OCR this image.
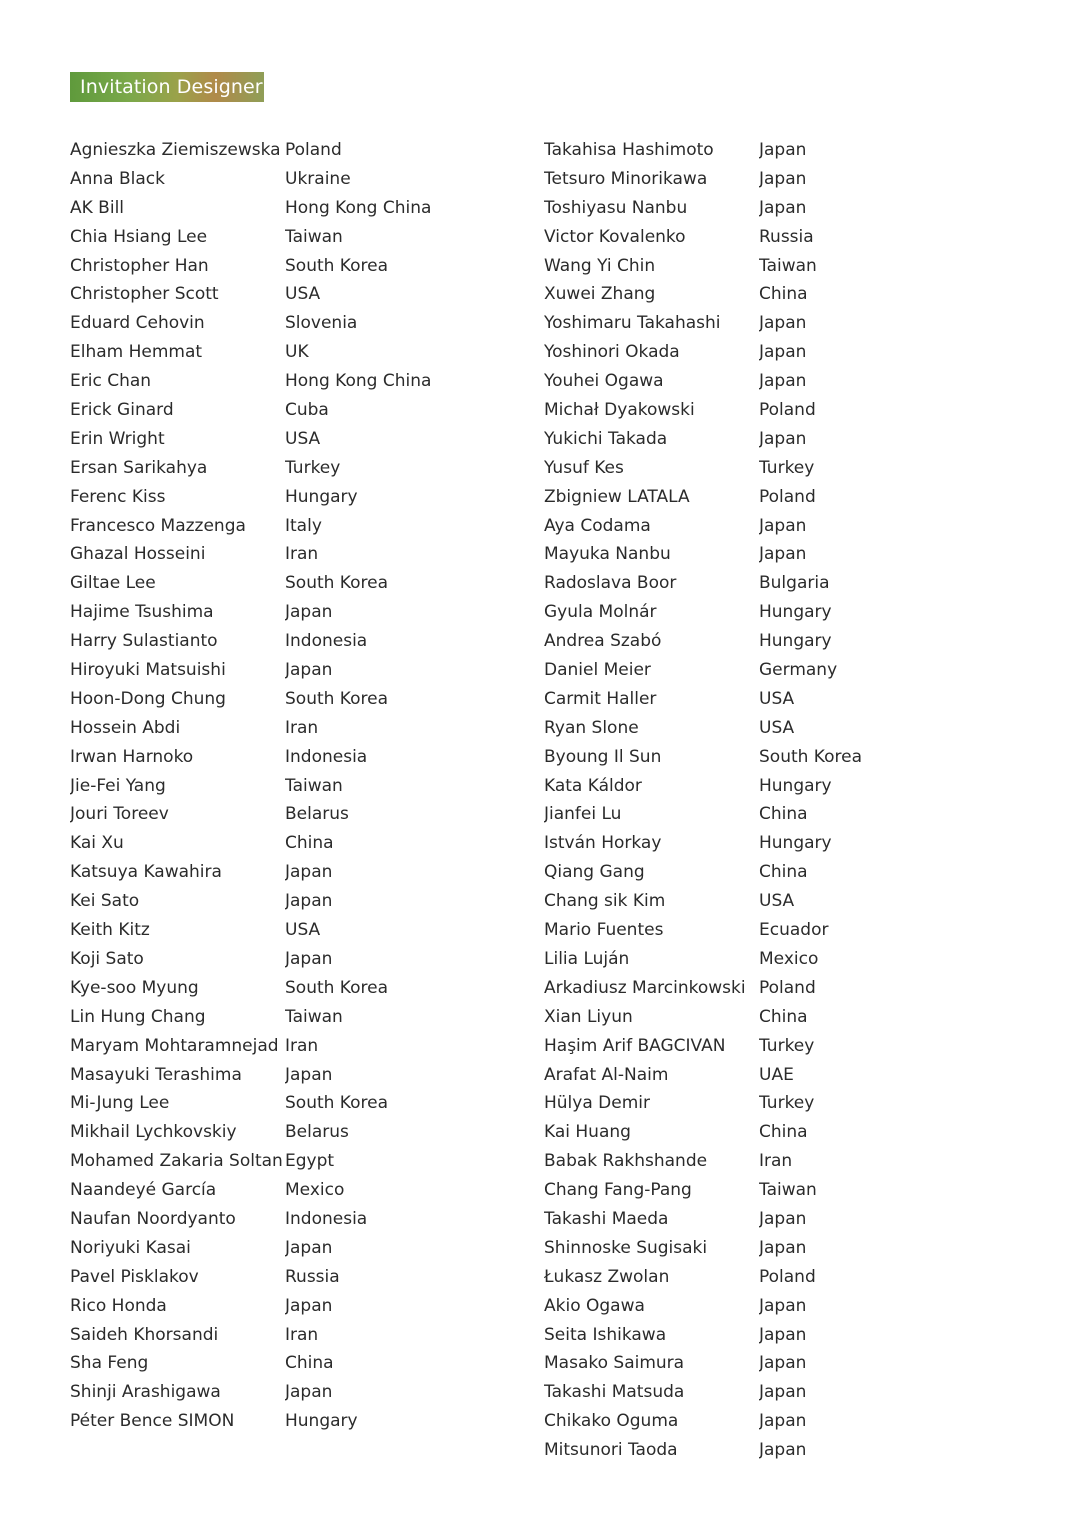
Invitation Designer
Agnieszka Ziemiszewska Poland
Anna Black	Ukraine
AK Bill	Hong Kong China
Chia Hsiang Lee	Taiwan
Christopher Han	South Korea
Christopher Scott	USA
Eduard Cehovin	Slovenia
Elham Hemmat	UK
Eric Chan	Hong Kong China
Erick Ginard	Cuba
Erin Wright	USA
Ersan Sarikahya	Turkey
Ferenc Kiss	Hungary
Francesco Mazzenga	Italy
Ghazal Hosseini	Iran
Giltae Lee	South Korea
Hajime Tsushima	Japan
Harry Sulastianto	Indonesia
Hiroyuki Matsuishi	Japan
Hoon-Dong Chung	South Korea
Hossein Abdi	Iran
Irwan Harnoko	Indonesia
Jie-Fei Yang	Taiwan
Jouri Toreev	Belarus
Kai Xu	China
Katsuya Kawahira	Japan
Kei Sato	Japan
Keith Kitz	USA
Koji Sato	Japan
Kye-soo Myung	South Korea
Lin Hung Chang	Taiwan
Maryam Mohtaramnejad Iran
Masayuki Terashima	Japan
Mi-Jung Lee	South Korea
Mikhail Lychkovskiy	Belarus
Mohamed Zakaria Soltan Egypt
Naandeyé García	Mexico
Naufan Noordyanto	Indonesia
Noriyuki Kasai	Japan
Pavel Pisklakov	Russia
Rico Honda	Japan
Saideh Khorsandi	Iran
Sha Feng	China
Shinji Arashigawa	Japan
Péter Bence SIMON	Hungary
Takahisa Hashimoto	Japan
Tetsuro Minorikawa	Japan
Toshiyasu Nanbu	Japan
Victor Kovalenko	Russia
Wang Yi Chin	Taiwan
Xuwei Zhang	China
Yoshimaru Takahashi	Japan
Yoshinori Okada	Japan
Youhei Ogawa	Japan
Michał Dyakowski	Poland
Yukichi Takada	Japan
Yusuf Kes	Turkey
Zbigniew LATALA	Poland
Aya Codama	Japan
Mayuka Nanbu	Japan
Radoslava Boor	Bulgaria
Gyula Molnár	Hungary
Andrea Szabó	Hungary
Daniel Meier	Germany
Carmit Haller	USA
Ryan Slone	USA
Byoung Il Sun	South Korea
Kata Káldor	Hungary
Jianfei Lu	China
István Horkay	Hungary
Qiang Gang	China
Chang sik Kim	USA
Mario Fuentes	Ecuador
Lilia Luján	Mexico
Arkadiusz Marcinkowski Poland
Xian Liyun	China
Haşim Arif BAGCIVAN	Turkey
Arafat Al-Naim	UAE
Hülya Demir	Turkey
Kai Huang	China
Babak Rakhshande	Iran
Chang Fang-Pang	Taiwan
Takashi Maeda	Japan
Shinnoske Sugisaki	Japan
Łukasz Zwolan	Poland
Akio Ogawa	Japan
Seita Ishikawa	Japan
Masako Saimura	Japan
Takashi Matsuda	Japan
Chikako Oguma	Japan
Mitsunori Taoda	Japan
